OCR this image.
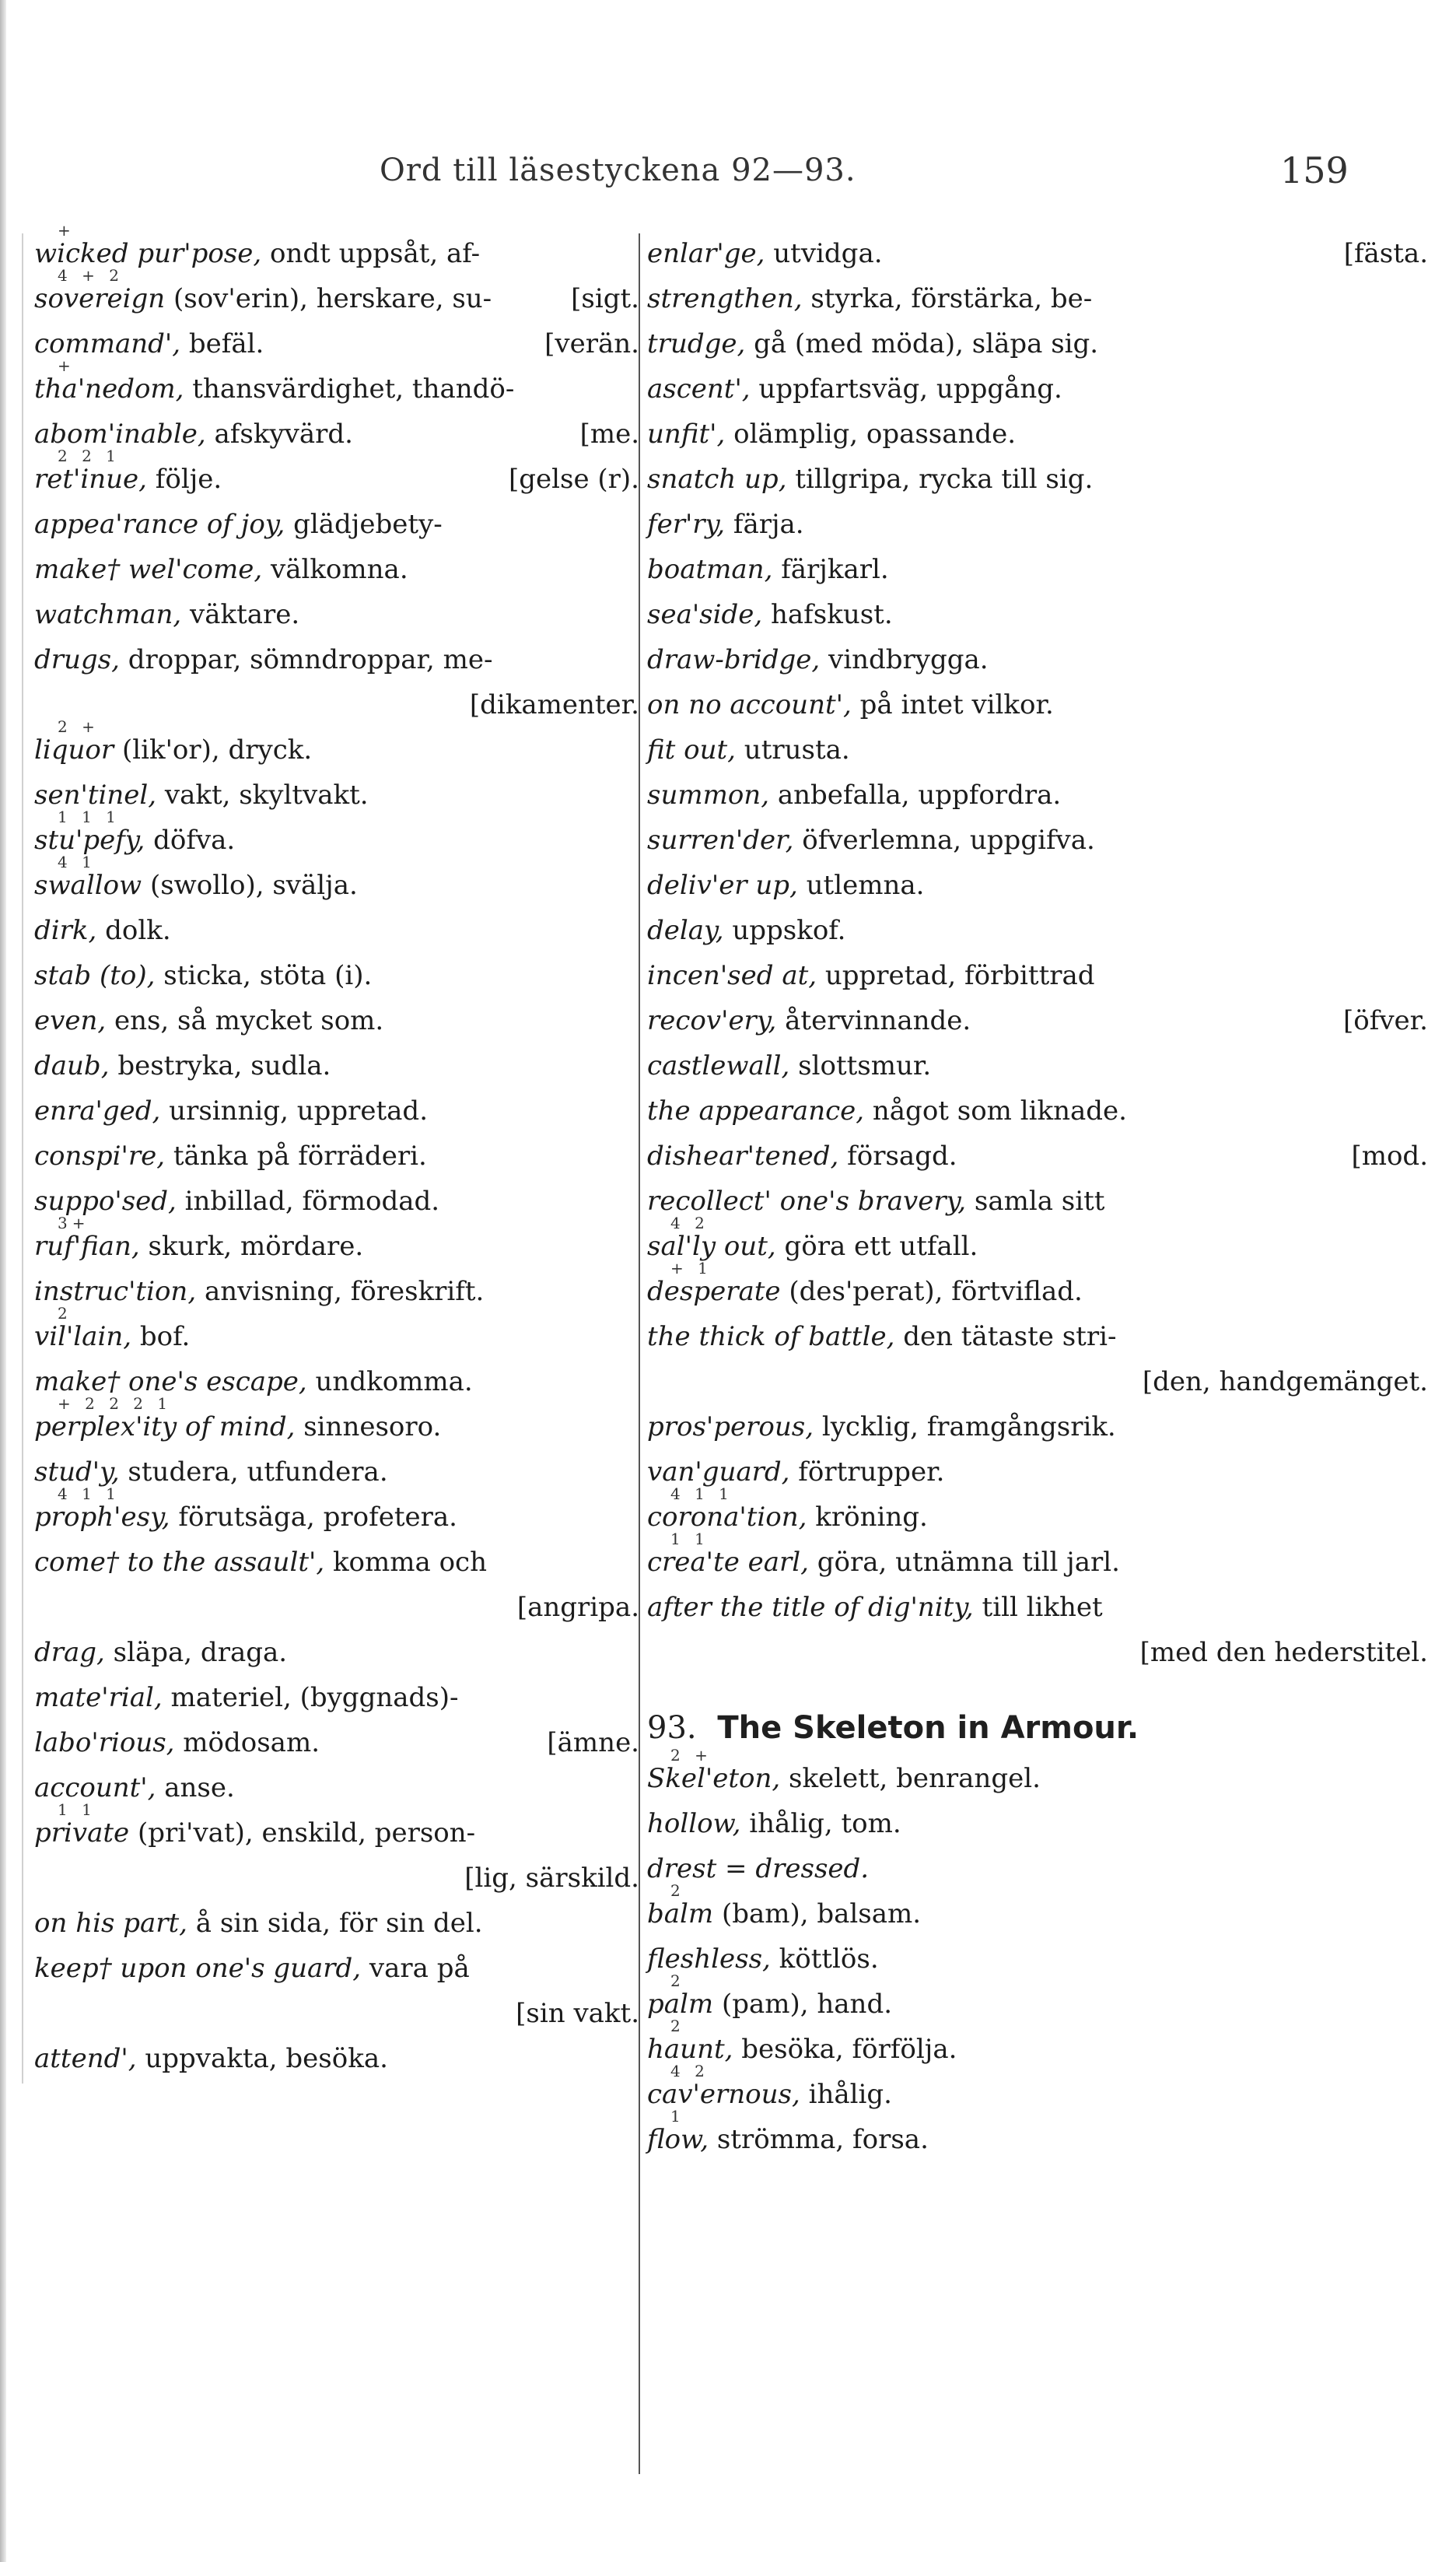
Ord till läsestyckena 92—93.	159
+
wicked pur'pose, ondt uppsåt, af-
4 + 2
sovereign (sov'erin), herskare, su-	[sigt.
command', befäl.	[verän.
+
tha'nedom, thansvärdighet, thandö-
abom'inable, afskyvärd.	[me.
2 2 1
ret'inue, följe.	[gelse (r).
appea'rance of joy, glädjebety-
make† wel'come, välkomna.
watchman, väktare.
drugs, droppar, sömndroppar, me-
[dikamenter.
2 +
liquor (lik'or), dryck.
sen'tinel, vakt, skyltvakt.
1 1 1
stu'pefy, döfva.
4 1
swallow (swollo), svälja.
dirk, dolk.
stab (to), sticka, stöta (i).
even, ens, så mycket som.
daub, bestryka, sudla.
enra'ged, ursinnig, uppretad.
conspi're, tänka på förräderi.
suppo'sed, inbillad, förmodad.
3+
ruf'fian, skurk, mördare.
instruc'tion, anvisning, föreskrift.
2
vil'lain, bof.
make† one's escape, undkomma.
+ 2 2 2 1
perplex'ity of mind, sinnesoro.
stud'y, studera, utfundera.
4 1 1
proph'esy, förutsäga, profetera.
come† to the assault', komma och
[angripa.
drag, släpa, draga.
mate'rial, materiel, (byggnads)-
labo'rious, mödosam.	[ämne.
account', anse.
1 1
private (pri'vat), enskild, person-
[lig, särskild.
on his part, å sin sida, för sin del.
keep† upon one's guard, vara på
[sin vakt.
attend', uppvakta, besöka.
enlar'ge, utvidga.	[fästa.
strengthen, styrka, förstärka, be-
trudge, gå (med möda), släpa sig.
ascent', uppfartsväg, uppgång.
unfit', olämplig, opassande.
snatch up, tillgripa, rycka till sig.
fer'ry, färja.
boatman, färjkarl.
sea'side, hafskust.
draw-bridge, vindbrygga.
on no account', på intet vilkor.
fit out, utrusta.
summon, anbefalla, uppfordra.
surren'der, öfverlemna, uppgifva.
deliv'er up, utlemna.
delay, uppskof.
incen'sed at, uppretad, förbittrad
recov'ery, återvinnande.	[öfver.
castlewall, slottsmur.
the appearance, något som liknade.
dishear'tened, försagd.	[mod.
recollect' one's bravery, samla sitt
4 2
sal'ly out, göra ett utfall.
+ 1
desperate (des'perat), förtviflad.
the thick of battle, den tätaste stri-
[den, handgemänget.
pros'perous, lycklig, framgångsrik.
van'guard, förtrupper.
4 1 1
corona'tion, kröning.
1 1
crea'te earl, göra, utnämna till jarl.
after the title of dig'nity, till likhet
[med den hederstitel.
93. The Skeleton in Armour.
2 +
Skel'eton, skelett, benrangel.
hollow, ihålig, tom.
drest = dressed.
2
balm (bam), balsam.
fleshless, köttlös.
2
palm (pam), hand.
2
haunt, besöka, förfölja.
4 2
cav'ernous, ihålig.
1
flow, strömma, forsa.
